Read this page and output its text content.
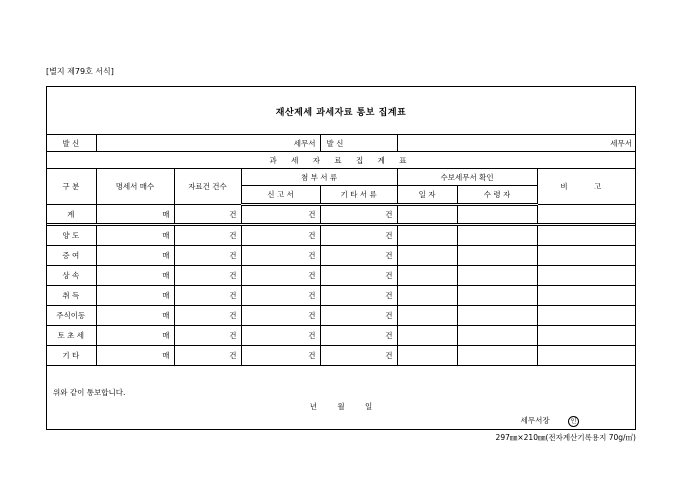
[별지 제79호 서식]
재산제세 과세자료 통보 집계표
발 신	세무서			발 신	세무서		
과 세 자 료 집 계 표							
구 분	명세서 매수	자료건 건수	첨 부 서 류		수보세무서 확인		비 고
			신 고 서	기 타 서 류	일 자	수 령 자	
계	매	건	건	건			
양 도	매	건	건	건			
증 여	매	건	건	건			
상 속	매	건	건	건			
취 득	매	건	건	건			
주식이동	매	건	건	건			
토 초 세	매	건	건	건			
기 타	매	건	건	건			
위와 같이 통보합니다.
년 월 일
세무서장	인
297㎜×210㎜(전자계산기록용지 70g/㎡)
